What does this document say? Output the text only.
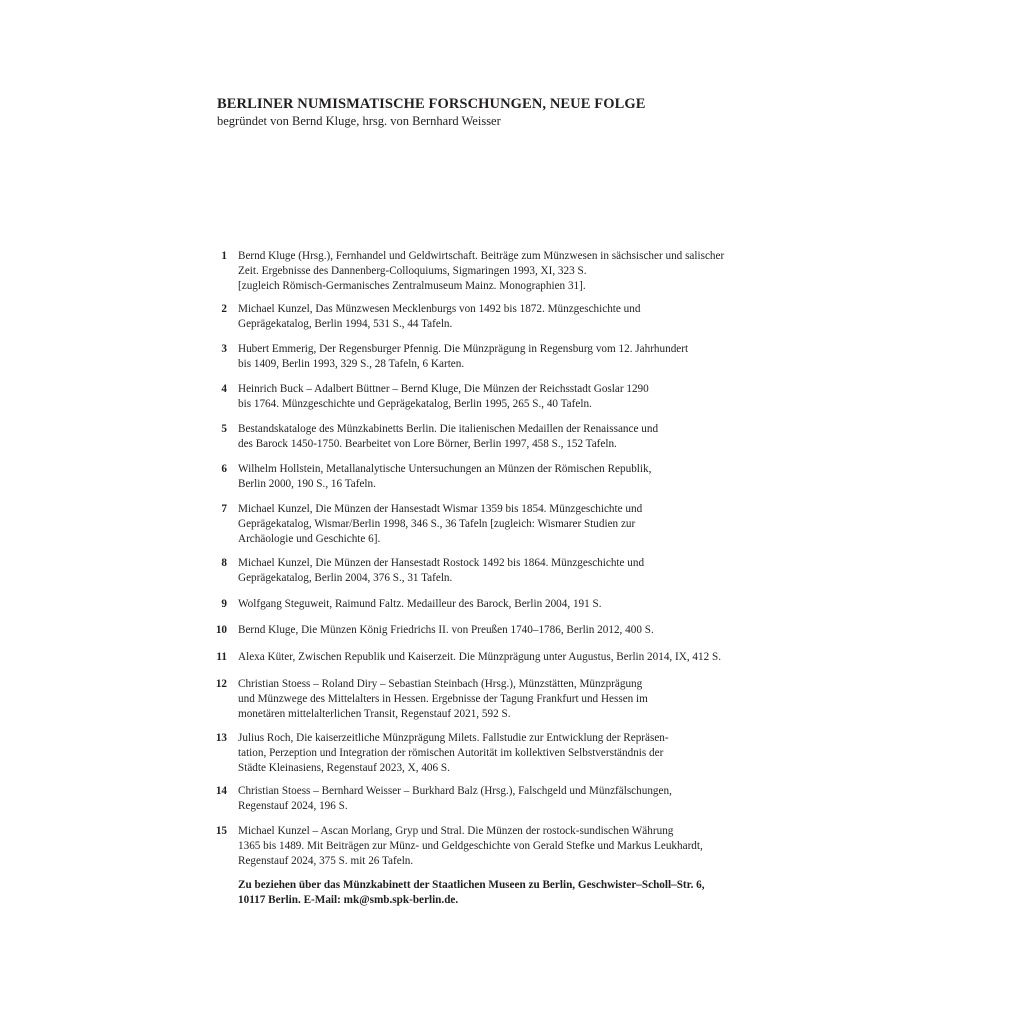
BERLINER NUMISMATISCHE FORSCHUNGEN, NEUE FOLGE

begründet von Bernd Kluge, hrsg. von Bernhard Weisser

1 Bernd Kluge (Hrsg.), Fernhandel und Geldwirtschaft. Beiträge zum Münzwesen in sächsischer und salischer
Zeit. Ergebnisse des Dannenberg-Colloquiums, Sigmaringen 1993, XI, 323 S.
[zugleich Römisch-Germanisches Zentralmuseum Mainz. Monographien 31].
2 Michael Kunzel, Das Münzwesen Mecklenburgs von 1492 bis 1872. Münzgeschichte und
Geprägekatalog, Berlin 1994, 531 S., 44 Tafeln.
3 Hubert Emmerig, Der Regensburger Pfennig. Die Münzprägung in Regensburg vom 12. Jahrhundert
bis 1409, Berlin 1993, 329 S., 28 Tafeln, 6 Karten.
4 Heinrich Buck – Adalbert Büttner – Bernd Kluge, Die Münzen der Reichsstadt Goslar 1290
bis 1764. Münzgeschichte und Geprägekatalog, Berlin 1995, 265 S., 40 Tafeln.
5 Bestandskataloge des Münzkabinetts Berlin. Die italienischen Medaillen der Renaissance und
des Barock 1450-1750. Bearbeitet von Lore Börner, Berlin 1997, 458 S., 152 Tafeln.
6 Wilhelm Hollstein, Metallanalytische Untersuchungen an Münzen der Römischen Republik,
Berlin 2000, 190 S., 16 Tafeln.
7 Michael Kunzel, Die Münzen der Hansestadt Wismar 1359 bis 1854. Münzgeschichte und
Geprägekatalog, Wismar/Berlin 1998, 346 S., 36 Tafeln [zugleich: Wismarer Studien zur
Archäologie und Geschichte 6].
8 Michael Kunzel, Die Münzen der Hansestadt Rostock 1492 bis 1864. Münzgeschichte und
Geprägekatalog, Berlin 2004, 376 S., 31 Tafeln.
9 Wolfgang Steguweit, Raimund Faltz. Medailleur des Barock, Berlin 2004, 191 S.
10 Bernd Kluge, Die Münzen König Friedrichs II. von Preußen 1740–1786, Berlin 2012, 400 S.
11 Alexa Küter, Zwischen Republik und Kaiserzeit. Die Münzprägung unter Augustus, Berlin 2014, IX, 412 S.
12 Christian Stoess – Roland Diry – Sebastian Steinbach (Hrsg.), Münzstätten, Münzprägung
und Münzwege des Mittelalters in Hessen. Ergebnisse der Tagung Frankfurt und Hessen im
monetären mittelalterlichen Transit, Regenstauf 2021, 592 S.
13 Julius Roch, Die kaiserzeitliche Münzprägung Milets. Fallstudie zur Entwicklung der Repräsen-
tation, Perzeption und Integration der römischen Autorität im kollektiven Selbstverständnis der
Städte Kleinasiens, Regenstauf 2023, X, 406 S.
14 Christian Stoess – Bernhard Weisser – Burkhard Balz (Hrsg.), Falschgeld und Münzfälschungen,
Regenstauf 2024, 196 S.
15 Michael Kunzel – Ascan Morlang, Gryp und Stral. Die Münzen der rostock-sundischen Währung
1365 bis 1489. Mit Beiträgen zur Münz- und Geldgeschichte von Gerald Stefke und Markus Leukhardt,
Regenstauf 2024, 375 S. mit 26 Tafeln.
Zu beziehen über das Münzkabinett der Staatlichen Museen zu Berlin, Geschwister–Scholl–Str. 6,
10117 Berlin. E-Mail: mk@smb.spk-berlin.de.
